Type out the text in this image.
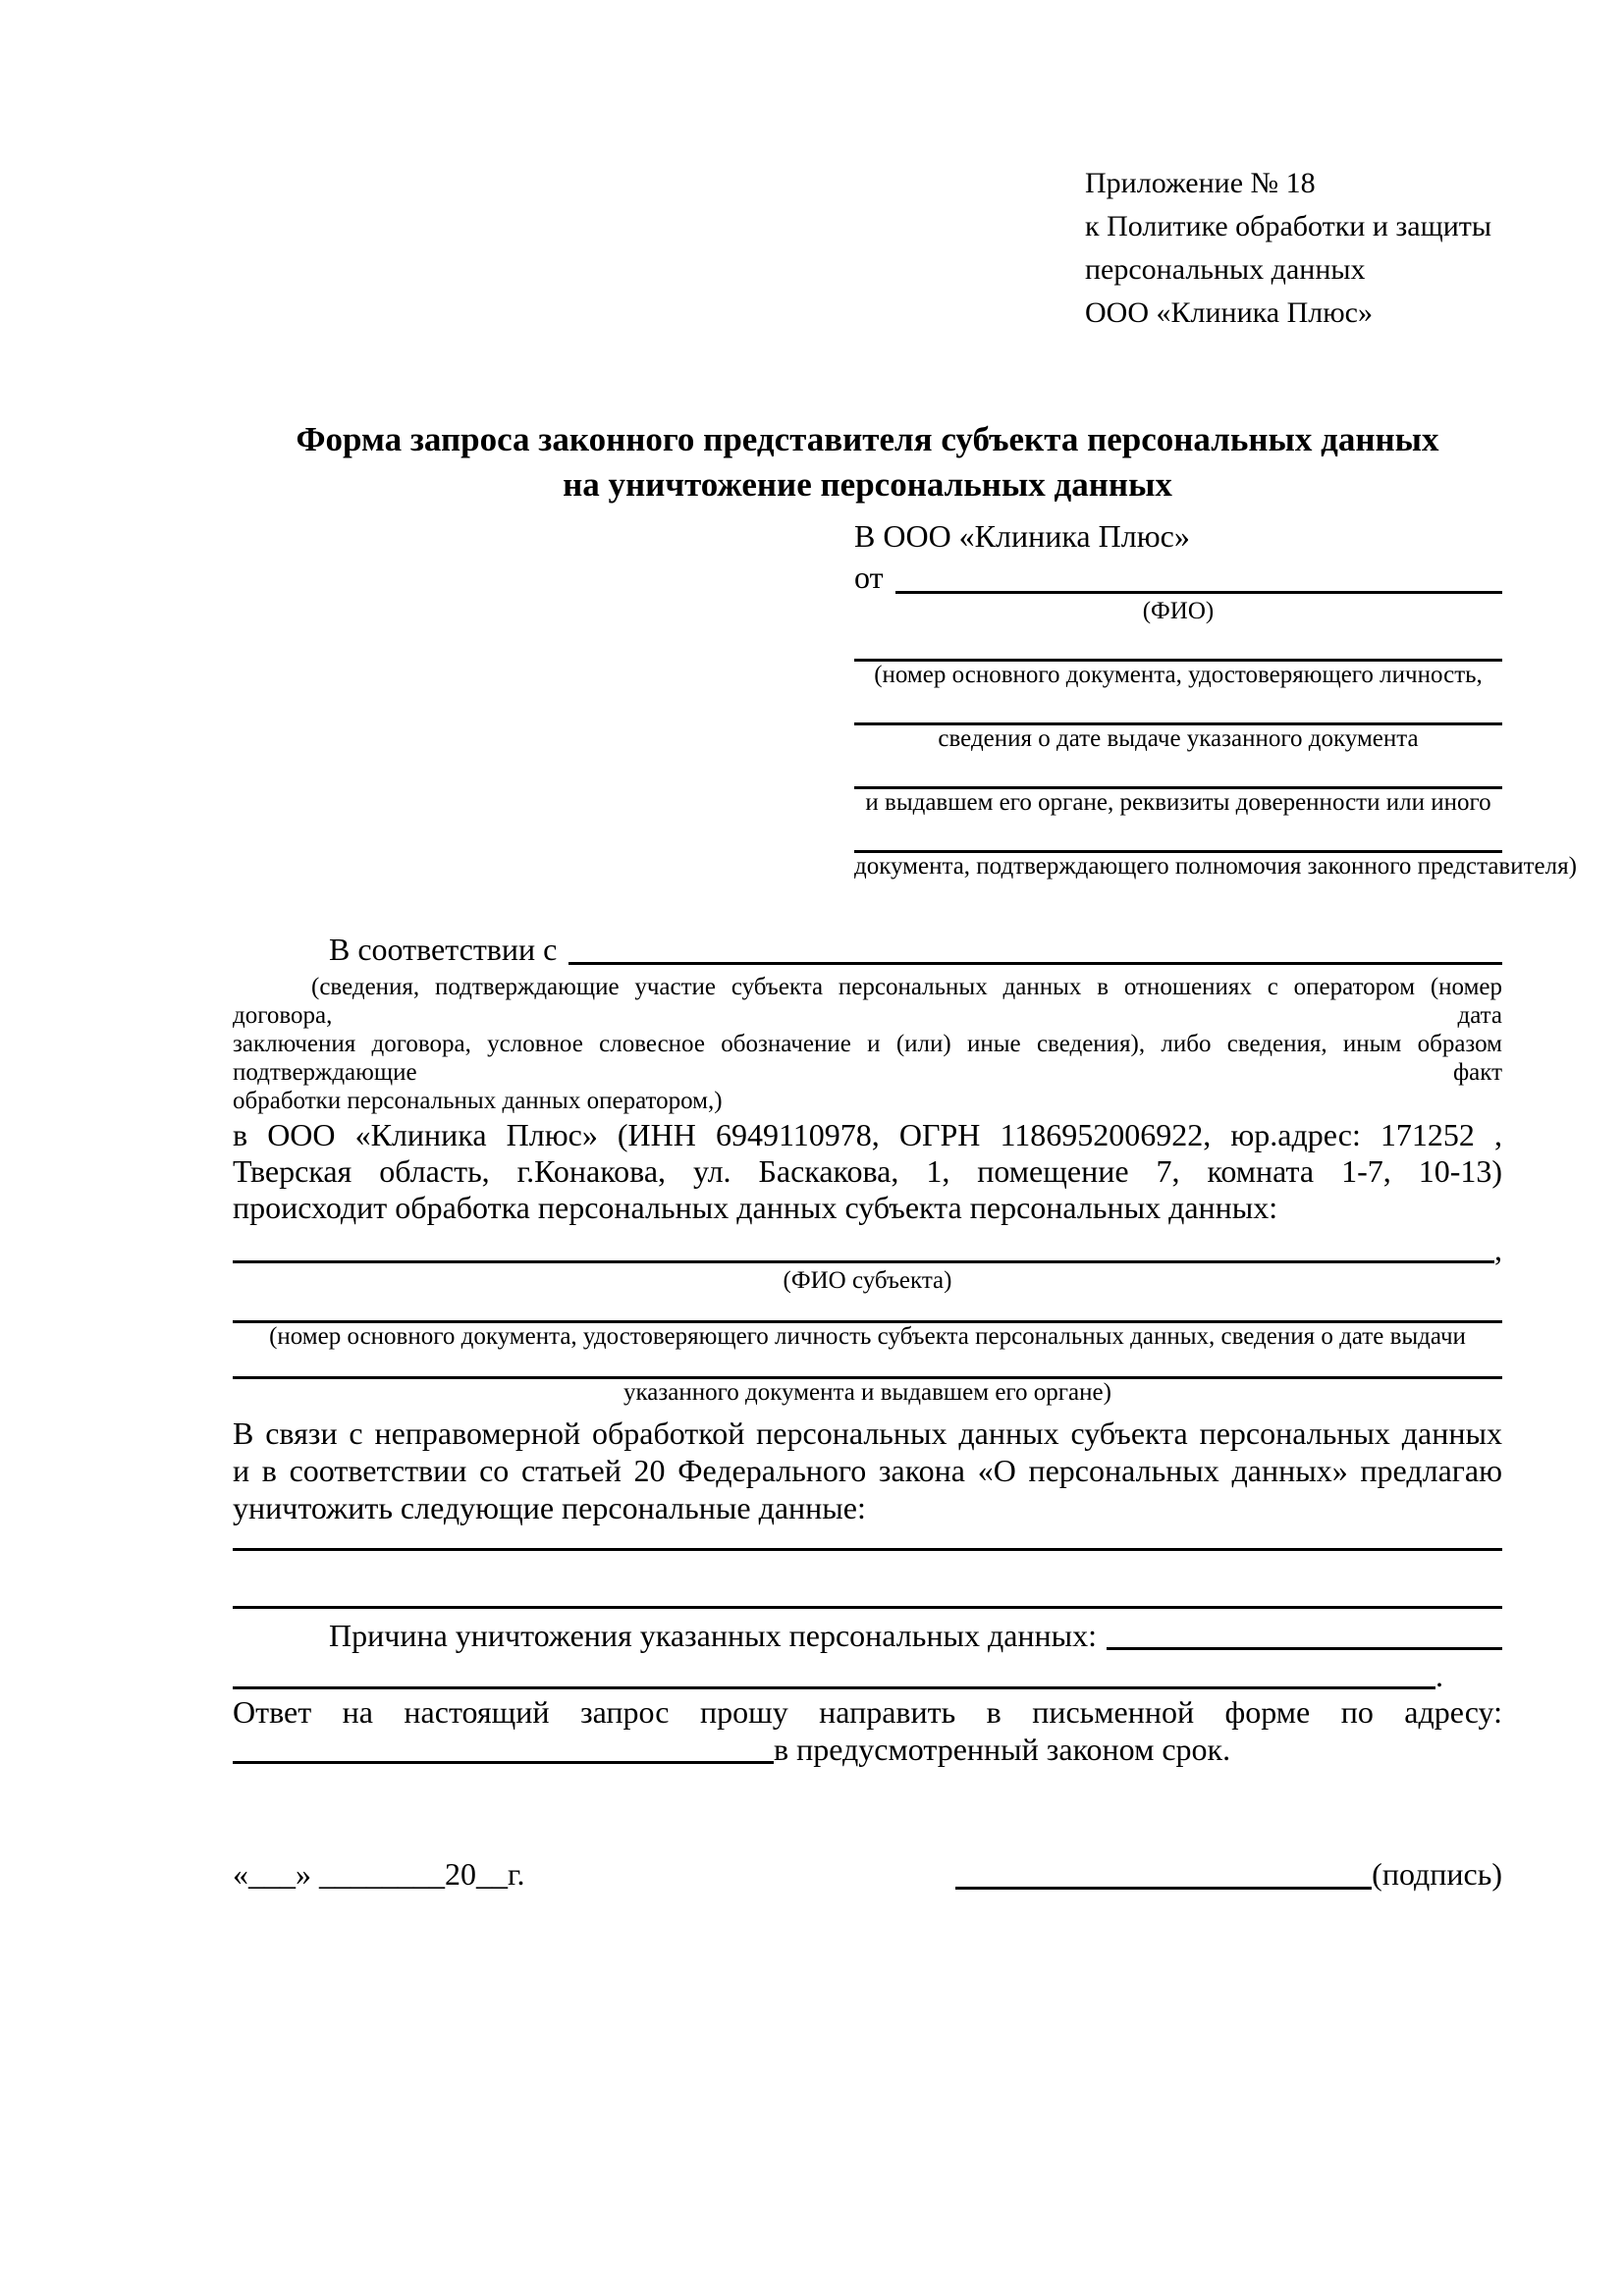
Приложение № 18
к Политике обработки и защиты
персональных данных
ООО «Клиника Плюс»
Форма запроса законного представителя субъекта персональных данных
на уничтожение персональных данных
В ООО «Клиника Плюс»
от
(ФИО)
(номер основного документа, удостоверяющего личность,
сведения о дате выдаче указанного документа
и выдавшем его органе, реквизиты доверенности или иного
документа, подтверждающего полномочия законного представителя)
В соответствии с
(сведения, подтверждающие участие субъекта персональных данных в отношениях с оператором (номер договора, дата
заключения договора, условное словесное обозначение и (или) иные сведения), либо сведения, иным образом подтверждающие факт
обработки персональных данных оператором,)
в ООО «Клиника Плюс» (ИНН 6949110978, ОГРН 1186952006922, юр.адрес: 171252 ,
Тверская область, г.Конакова, ул. Баскакова, 1, помещение 7, комната 1-7, 10-13)
происходит обработка персональных данных субъекта персональных данных:
,
(ФИО субъекта)
(номер основного документа, удостоверяющего личность субъекта персональных данных, сведения о дате выдачи
указанного документа и выдавшем его органе)
В связи с неправомерной обработкой персональных данных субъекта персональных данных
и в соответствии со статьей 20 Федерального закона «О персональных данных» предлагаю
уничтожить следующие персональные данные:
Причина уничтожения указанных персональных данных:
.
Ответ на настоящий запрос прошу направить в письменной форме по адресу:
в предусмотренный законом срок.
«___» ________20__г.	(подпись)
